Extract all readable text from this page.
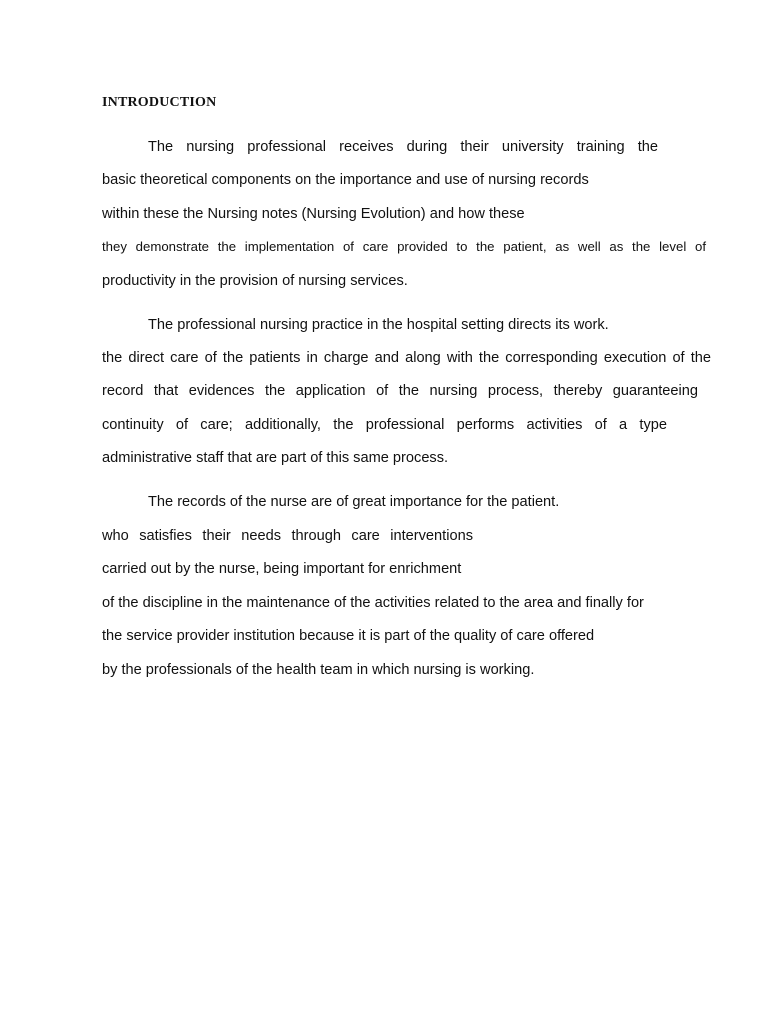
INTRODUCTION
The nursing professional receives during their university training the
basic theoretical components on the importance and use of nursing records
within these the Nursing notes (Nursing Evolution) and how these
they demonstrate the implementation of care provided to the patient, as well as the level of
productivity in the provision of nursing services.
The professional nursing practice in the hospital setting directs its work.
the direct care of the patients in charge and along with the corresponding execution of the
record that evidences the application of the nursing process, thereby guaranteeing
continuity of care; additionally, the professional performs activities of a type
administrative staff that are part of this same process.
The records of the nurse are of great importance for the patient.
who satisfies their needs through care interventions
carried out by the nurse, being important for enrichment
of the discipline in the maintenance of the activities related to the area and finally for
the service provider institution because it is part of the quality of care offered
by the professionals of the health team in which nursing is working.
